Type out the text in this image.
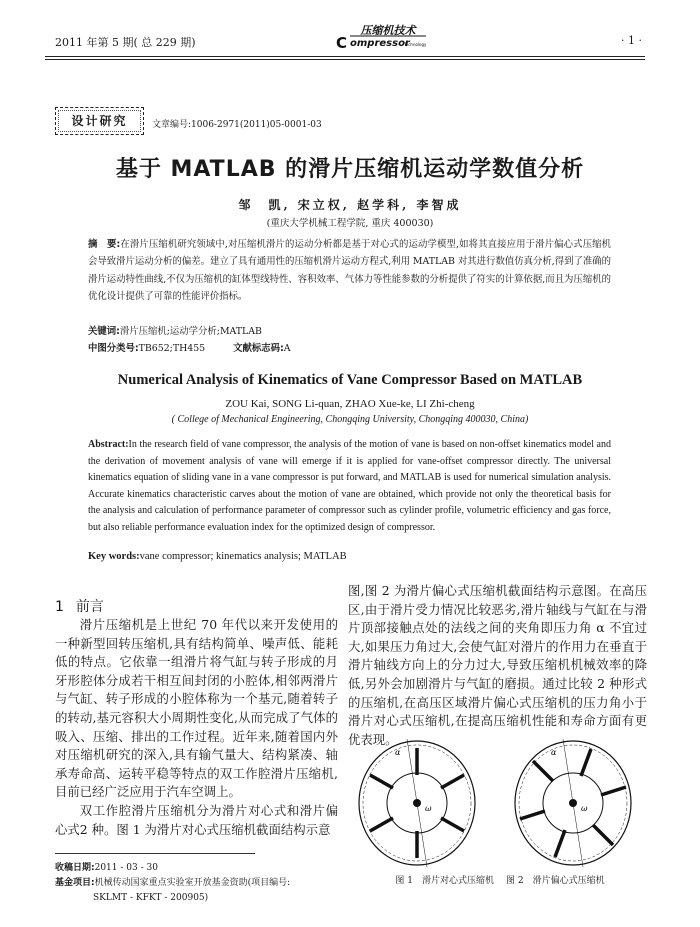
2011 年第 5 期( 总 229 期)
压缩机技术
C ompressor
Technology	· 1 ·
设计研究	文章编号:1006-2971(2011)05-0001-03
基于 MATLAB 的滑片压缩机运动学数值分析
邹　凯, 宋立权, 赵学科, 李智成
(重庆大学机械工程学院, 重庆 400030)
摘　要:在滑片压缩机研究领域中,对压缩机滑片的运动分析都是基于对心式的运动学模型,如将其直接应用于滑片偏心式压缩机会导致滑片运动分析的偏差。建立了具有通用性的压缩机滑片运动方程式,利用 MATLAB 对其进行数值仿真分析,得到了准确的滑片运动特性曲线,不仅为压缩机的缸体型线特性、容积效率、气体力等性能参数的分析提供了符实的计算依据,而且为压缩机的优化设计提供了可靠的性能评价指标。
关键词:滑片压缩机;运动学分析;MATLAB
中图分类号:TB652;TH455	文献标志码:A
Numerical Analysis of Kinematics of Vane Compressor Based on MATLAB
ZOU Kai, SONG Li-quan, ZHAO Xue-ke, LI Zhi-cheng
( College of Mechanical Engineering, Chongqing University, Chongqing 400030, China)
Abstract:In the research field of vane compressor, the analysis of the motion of vane is based on non-offset kinematics model and the derivation of movement analysis of vane will emerge if it is applied for vane-offset compressor directly. The universal kinematics equation of sliding vane in a vane compressor is put forward, and MATLAB is used for numerical simulation analysis. Accurate kinematics characteristic carves about the motion of vane are obtained, which provide not only the theoretical basis for the analysis and calculation of performance parameter of compressor such as cylinder profile, volumetric efficiency and gas force, but also reliable performance evaluation index for the optimized design of compressor.
Key words:vane compressor; kinematics analysis; MATLAB
1 前言

滑片压缩机是上世纪 70 年代以来开发使用的一种新型回转压缩机,具有结构简单、噪声低、能耗低的特点。它依靠一组滑片将气缸与转子形成的月牙形腔体分成若干相互间封闭的小腔体,相邻两滑片与气缸、转子形成的小腔体称为一个基元,随着转子的转动,基元容积大小周期性变化,从而完成了气体的吸入、压缩、排出的工作过程。近年来,随着国内外对压缩机研究的深入,具有输气量大、结构紧凑、轴承寿命高、运转平稳等特点的双工作腔滑片压缩机,目前已经广泛应用于汽车空调上。

双工作腔滑片压缩机分为滑片对心式和滑片偏心式2 种。图 1 为滑片对心式压缩机截面结构示意

图,图 2 为滑片偏心式压缩机截面结构示意图。在高压区,由于滑片受力情况比较恶劣,滑片轴线与气缸在与滑片顶部接触点处的法线之间的夹角即压力角 α 不宜过大,如果压力角过大,会使气缸对滑片的作用力在垂直于滑片轴线方向上的分力过大,导致压缩机机械效率的降低,另外会加剧滑片与气缸的磨损。通过比较 2 种形式的压缩机,在高压区域滑片偏心式压缩机的压力角小于滑片对心式压缩机,在提高压缩机性能和寿命方面有更优表现。

收稿日期:2011 - 03 - 30
基金项目:机械传动国家重点实验室开放基金资助(项目编号:
SKLMT - KFKT - 200905)
α
ω
α
ω
图 1　滑片对心式压缩机 图 2　滑片偏心式压缩机
